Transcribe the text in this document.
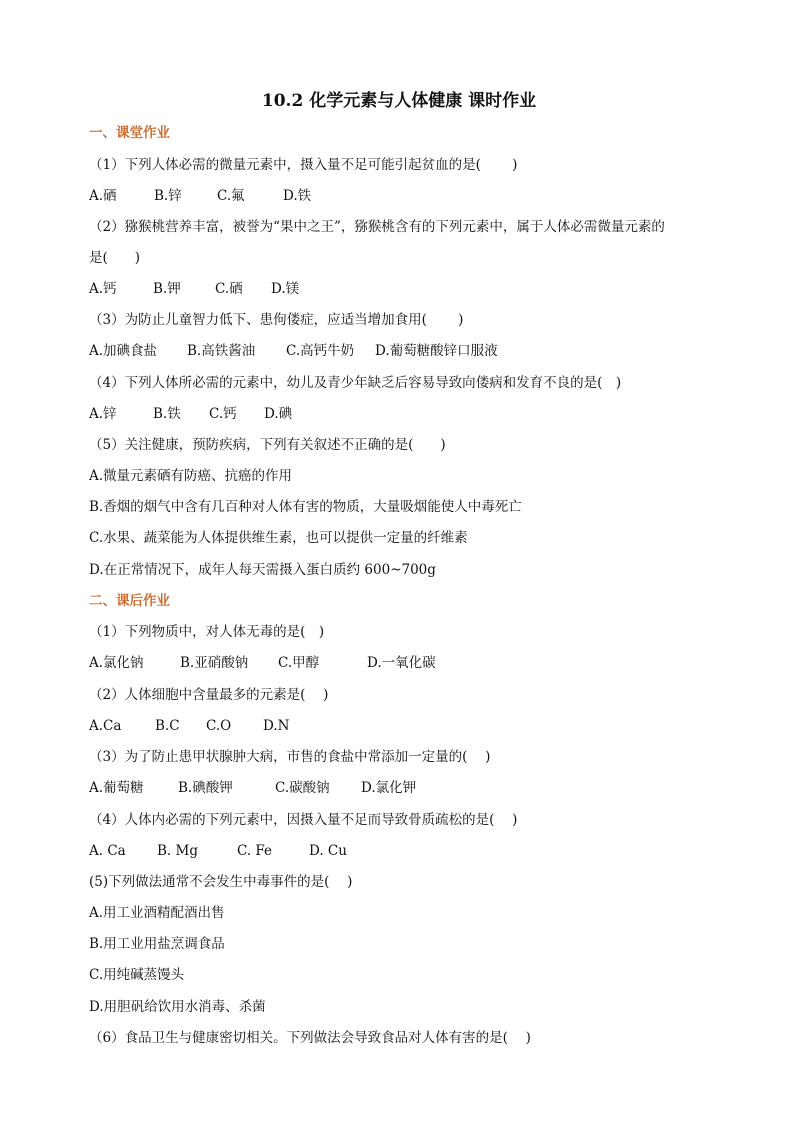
10.2 化学元素与人体健康 课时作业
一、课堂作业
（1）下列人体必需的微量元素中，摄入量不足可能引起贫血的是(　　 )
A.硒	B.锌	C.氟	D.铁
（2）猕猴桃营养丰富，被誉为“果中之王”，猕猴桃含有的下列元素中，属于人体必需微量元素的
是(　　)
A.钙	B.钾	C.硒 D.镁
（3）为防止儿童智力低下、患佝偻症，应适当增加食用(　　 )
A.加碘食盐 B.高铁酱油 C.高钙牛奶 D.葡萄糖酸锌口服液
（4）下列人体所必需的元素中，幼儿及青少年缺乏后容易导致向偻病和发育不良的是(　)
A.锌	B.铁 C.钙 D.碘
（5）关注健康，预防疾病，下列有关叙述不正确的是(　　)
A.微量元素硒有防癌、抗癌的作用
B.香烟的烟气中含有几百种对人体有害的物质，大量吸烟能使人中毒死亡
C.水果、蔬菜能为人体提供维生素，也可以提供一定量的纤维素
D.在正常情况下，成年人每天需摄入蛋白质约 600~700g
二、课后作业
（1）下列物质中，对人体无毒的是(　)
A.氯化钠	B.亚硝酸钠 C.甲醇	D.一氧化碳
（2）人体细胞中含量最多的元素是(　 )
A.Ca B.C C.O D.N
（3）为了防止患甲状腺肿大病，市售的食盐中常添加一定量的(　 )
A.葡萄糖	B.碘酸钾	C.碳酸钠 D.氯化钾
（4）人体内必需的下列元素中，因摄入量不足而导致骨质疏松的是(　 )
A. Ca B. Mg	C. Fe	D. Cu
(5)下列做法通常不会发生中毒事件的是(　 )
A.用工业酒精配酒出售
B.用工业用盐烹调食品
C.用纯碱蒸馒头
D.用胆矾给饮用水消毒、杀菌
（6）食品卫生与健康密切相关。下列做法会导致食品对人体有害的是(　 )
